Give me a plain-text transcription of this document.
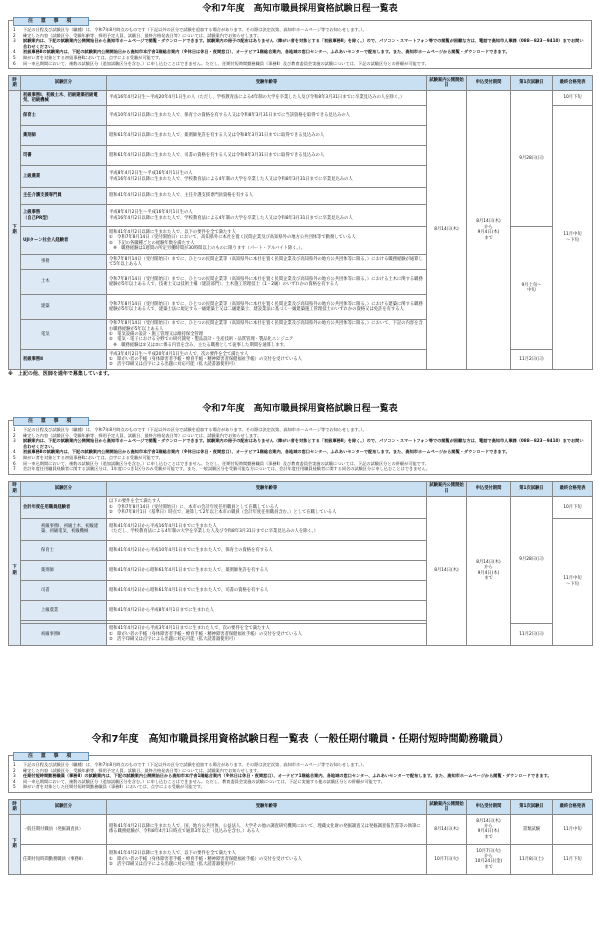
令和7年度　高知市職員採用資格試験日程一覧表
注 意 事 項
1	下記の日程及び試験区分（職種）は、令和7年8月時点のものです（下記以外の区分で試験を追加する場合があります。その際は決定次第、高知市ホームページ等でお知らせします。）。
2	確定した内容（試験区分、受験年齢等、採用予定人員、試験日、最終合格発表日等）については、試験案内でお知らせします。
3	試験案内は、下記の試験案内公開開始日から高知市ホームページで閲覧・ダウンロードできます。試験案内の冊子の配布はありません（障がい者を対象とする「初級事務Ⅱ」を除く。）ので、パソコン・スマートフォン等での閲覧が困難な方は、電話で高知市人事課（088－823－9410）までお問い合わせください。
4	初級事務Ⅱの試験案内は、下記の試験案内公開開始日から高知市本庁舎1階総合案内（※休日は休日・夜間窓口）、オーテピア1階総合案内、各地域の窓口センター、ふれあいセンターで配布します。また、高知市ホームページから閲覧・ダウンロードできます。
5	障がい者を対象とする初級事務Ⅱにおいては、点字による受験が可能です。
6	同一申込期間において、複数の試験区分（追加試験区分を含む。）に申し込むことはできません。ただし、任期付短時間勤務職員（事務Ⅱ）及び教育委員会実施の試験については、下記の試験区分との併願が可能です。
時期	試験区分	受験年齢等	試験案内公開開始日	申込受付期間	第1次試験日	最終合格発表
下期	初級事務Ⅰ、初級土木、初級建築初級電気、初級機械	平成16年4月2日生～平成20年4月1日生の人（ただし、学校教育法による4年制の大学を卒業した人及び令和8年3月31日までに卒業見込みの人を除く。）	8月14日(木)	8月14日(木)
から
9月4日(木)
まで	9月28日(日)	10月下旬
	保育士	平成10年4月2日以降に生まれた人で、保育士の資格を有する人又は令和8年3月31日までに当該資格を取得できる見込みの人				11月中旬
～下旬
	薬剤師	昭和61年4月2日以降に生まれた人で、薬剤師免許を有する人又は令和8年3月31日までに取得できる見込みの人				
	司書	昭和61年4月2日以降に生まれた人で、司書の資格を有する人又は令和8年3月31日までに取得できる見込みの人				
	上級農業	平成8年4月2日生～平成16年4月1日生の人
平成16年4月2日以降に生まれた人で、学校教育法による4年制の大学を卒業した人又は令和8年3月31日までに卒業見込みの人				
	主任介護支援専門員	昭和41年4月2日以降に生まれた人で、主任介護支援専門員資格を有する人				
	上級事務
（自己PR型）	平成8年4月2日生～平成16年4月1日生の人
平成16年4月2日以降に生まれた人で、学校教育法による4年制の大学を卒業した人又は令和8年3月31日までに卒業見込みの人				
	UJIターン社会人経験者	昭和41年4月2日以降に生まれた人で、以下の要件を全て満たす人
①　令和7年8月14日（受付開始日）において、高知県外に本社を置く民間企業及び高知県外の地方公共団体等で勤務している人
②　下記の各職種ごとの経験年数を満たす人
　※　職務経験は1週間の所定労働時間が30時間以上のものに限ります（パート・アルバイト除く。）。			9月上旬～
中旬	
	事務	令和7年8月14日（受付開始日）までに、ひとつの民間企業等（高知県外に本社を置く民間企業及び高知県外の地方公共団体等に限る。）における職務経験が通算して5年以上ある人				
	土木	令和7年8月14日（受付開始日）までに、ひとつの民間企業等（高知県外に本社を置く民間企業及び高知県外の地方公共団体等に限る。）における土木に関する職務経験が5年以上ある人で、技術士又は技術士補（建設部門）、土木施工管理技士（1・2級）のいずれかの資格を有する人				
	建築	令和7年8月14日（受付開始日）までに、ひとつの民間企業等（高知県外に本社を置く民間企業及び高知県外の地方公共団体等に限る。）における建築に関する職務経験が5年以上ある人で、建築士法に規定する一級建築士又は二級建築士、建設業法に基づく一級建築施工管理技士のいずれかの資格又は免許を有する人				
	電気	令和7年8月14日（受付開始日）までに、ひとつの民間企業等（高知県外に本社を置く民間企業及び高知県外の地方公共団体等に限る。）において、下記の内容を含む職務経験が5年以上ある人
①　電気設備の設計・施工管理又は維持保全管理
②　電気・電子における分野での研究開発・製品設計・生産技術・品質管理・製品化エンジニア
　※　職務経験は①又は②に係る内容を含み、主たる職務として従事した期間を通算します。				
	初級事務Ⅱ	平成3年4月2日生～平成20年4月1日生の人で、次の要件を全て満たす人
①　障がい者の手帳（身体障害者手帳・療育手帳・精神障害者保健福祉手帳）の交付を受けている人
②　活字印刷又は点字による出題に対応可能（拡大読書器使用可）			11月2日(日)	
※　上記の他、医師を通年で募集しています。
令和7年度　高知市職員採用資格試験日程一覧表
注 意 事 項
1	下記の日程及び試験区分（職種）は、令和7年8月時点のものです（下記以外の区分で試験を追加する場合があります。その際は決定次第、高知市ホームページ等でお知らせします。）。
2	確定した内容（試験区分、受験年齢等、採用予定人員、試験日、最終合格発表日等）については、試験案内でお知らせします。
3	試験案内は、下記の試験案内公開開始日から高知市ホームページで閲覧・ダウンロードできます。試験案内の冊子の配布はありません（障がい者を対象とする「初級事務Ⅱ」を除く。）ので、パソコン・スマートフォン等での閲覧が困難な方は、電話で高知市人事課（088－823－9410）までお問い合わせください。
4	初級事務Ⅱの試験案内は、下記の試験案内公開開始日から高知市本庁舎1階総合案内（※休日は休日・夜間窓口）、オーテピア1階総合案内、各地域の窓口センター、ふれあいセンターで配布します。また、高知市ホームページから閲覧・ダウンロードできます。
5	障がい者を対象とする初級事務Ⅱにおいては、点字による受験が可能です。
6	同一申込期間において、複数の試験区分（追加試験区分を含む。）に申し込むことはできません。ただし、任期付短時間勤務職員（事務Ⅱ）及び教育委員会実施の試験については、下記の試験区分との併願が可能です。
7	会計年度任用職員経験者に関する試験区分は、1年度につき1区分のみ受験が可能です。また、一般試験区分を受験可能な方については、会計年度任用職員経験者に関する同名の試験区分に申し込むことはできません。
時期	試験区分	受験年齢等	試験案内公開開始日	申込受付期間	第1次試験日	最終合格発表
下期	会計年度任用職員経験者	以下の要件を全て満たす人
①　令和7年8月14日（受付開始日）に、本市の会計年度任用職員として在職している人
②　令和7年8月1日（基準日）時点で、通算して2年以上本市の職員（会計年度任用職員含む。）として在職している人	8月14日(木)	8月14日(木)
から
9月4日(木)
まで	9月28日(日)	10月下旬
	初級事務Ⅰ、初級土木、初級建築、初級電気、初級機械	昭和41年4月2日から平成16年4月1日までに生まれた人
（ただし、学校教育法による4年制の大学を卒業した人及び令和8年3月31日までに卒業見込みの人を除く。）				11月中旬
～下旬
	保育士	昭和41年4月2日から平成10年4月1日までに生まれた人で、保育士の資格を有する人				
	薬剤師	昭和41年4月2日から昭和61年4月1日までに生まれた人で、薬剤師免許を有する人				
	司書	昭和41年4月2日から昭和61年4月1日までに生まれた人で、司書の資格を有する人				
	上級農業	昭和41年4月2日から平成8年4月1日までに生まれた人				

	初級事務Ⅱ	昭和41年4月2日から平成3年4月1日までに生まれた人で、次の要件を全て満たす人
①　障がい者の手帳（身体障害者手帳・療育手帳・精神障害者保健福祉手帳）の交付を受けている人
②　活字印刷又は点字による出題に対応可能（拡大読書器使用可）			11月2日(日)	
令和7年度　高知市職員採用資格試験日程一覧表（一般任期付職員・任期付短時間勤務職員）
注 意 事 項
1	下記の日程及び試験区分（職種）は、令和7年8月時点のものです（下記以外の区分で試験を追加する場合があります。その際は決定次第、高知市ホームページ等でお知らせします。）。
2	確定した内容（試験区分、受験年齢等、採用予定人員、試験日、最終合格発表日等）については、試験案内でお知らせします。
3	任期付短時間勤務職員（事務Ⅱ）の試験案内は、下記の試験案内公開開始日から高知市本庁舎1階総合案内（※休日は休日・夜間窓口）、オーテピア1階総合案内、各地域の窓口センター、ふれあいセンターで配布します。また、高知市ホームページから閲覧・ダウンロードできます。
4	同一申込期間において、複数の試験区分（追加試験区分を含む。）に申し込むことはできません。ただし、教育委員会実施の試験については、下記に実施する他の試験区分との併願が可能です。
5	障がい者を対象とした任期付短時間勤務職員（事務Ⅱ）においては、点字による受験が可能です。
時期	試験区分	受験年齢等	試験案内公開開始日	申込受付期間	第1次試験日	最終合格発表
下期	一般任期付職員（発掘調査員）	昭和41年4月2日以降に生まれた人で、国、地方公共団体、公益法人、大学その他の調査研究機関において、埋蔵文化財の発掘調査又は発掘調査報告書等の執筆に係る職務経験が、令和8年4月1日時点で通算3年以上（見込みを含む。）ある人	8月14日(木)	8月14日(木)
から
9月4日(木)
まで	書類試験	11月中旬
	任期付短時間勤務職員（事務Ⅱ）	昭和41年4月2日以降に生まれた人で、以下の要件を全て満たす人
①　障がい者の手帳（身体障害者手帳・療育手帳・精神障害者保健福祉手帳）の交付を受けている人
②　活字印刷又は点字による出題に対応可能（拡大読書器使用可）	10月7日(火)	10月7日(火)
から
10月24日(金)
まで	11月8日(土)	11月下旬
